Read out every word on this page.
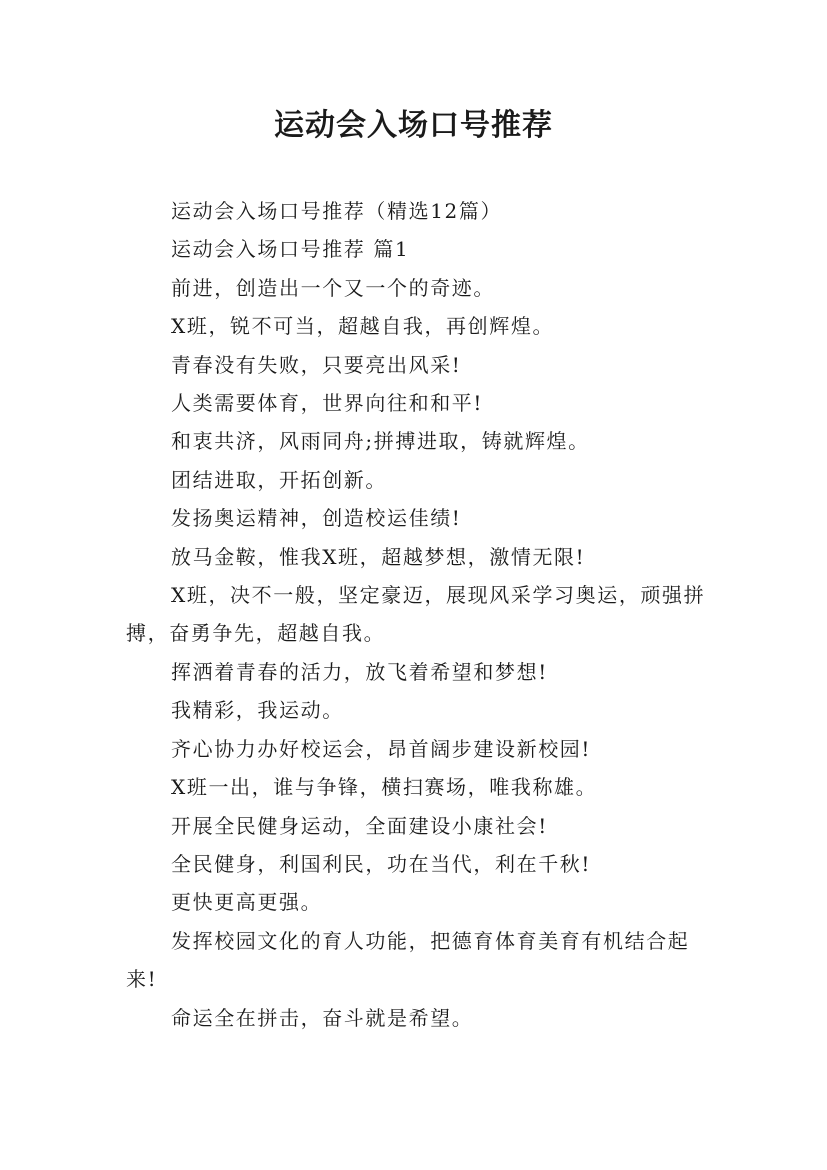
运动会入场口号推荐

运动会入场口号推荐（精选12篇）

运动会入场口号推荐 篇1

前进，创造出一个又一个的奇迹。

X班，锐不可当，超越自我，再创辉煌。

青春没有失败，只要亮出风采!

人类需要体育，世界向往和和平!

和衷共济，风雨同舟;拼搏进取，铸就辉煌。

团结进取，开拓创新。

发扬奥运精神，创造校运佳绩!

放马金鞍，惟我X班，超越梦想，激情无限!

X班，决不一般，坚定豪迈，展现风采学习奥运，顽强拼搏，奋勇争先，超越自我。

挥洒着青春的活力，放飞着希望和梦想!

我精彩，我运动。

齐心协力办好校运会，昂首阔步建设新校园!

X班一出，谁与争锋，横扫赛场，唯我称雄。

开展全民健身运动，全面建设小康社会!

全民健身，利国利民，功在当代，利在千秋!

更快更高更强。

发挥校园文化的育人功能，把德育体育美育有机结合起来!

命运全在拼击，奋斗就是希望。
